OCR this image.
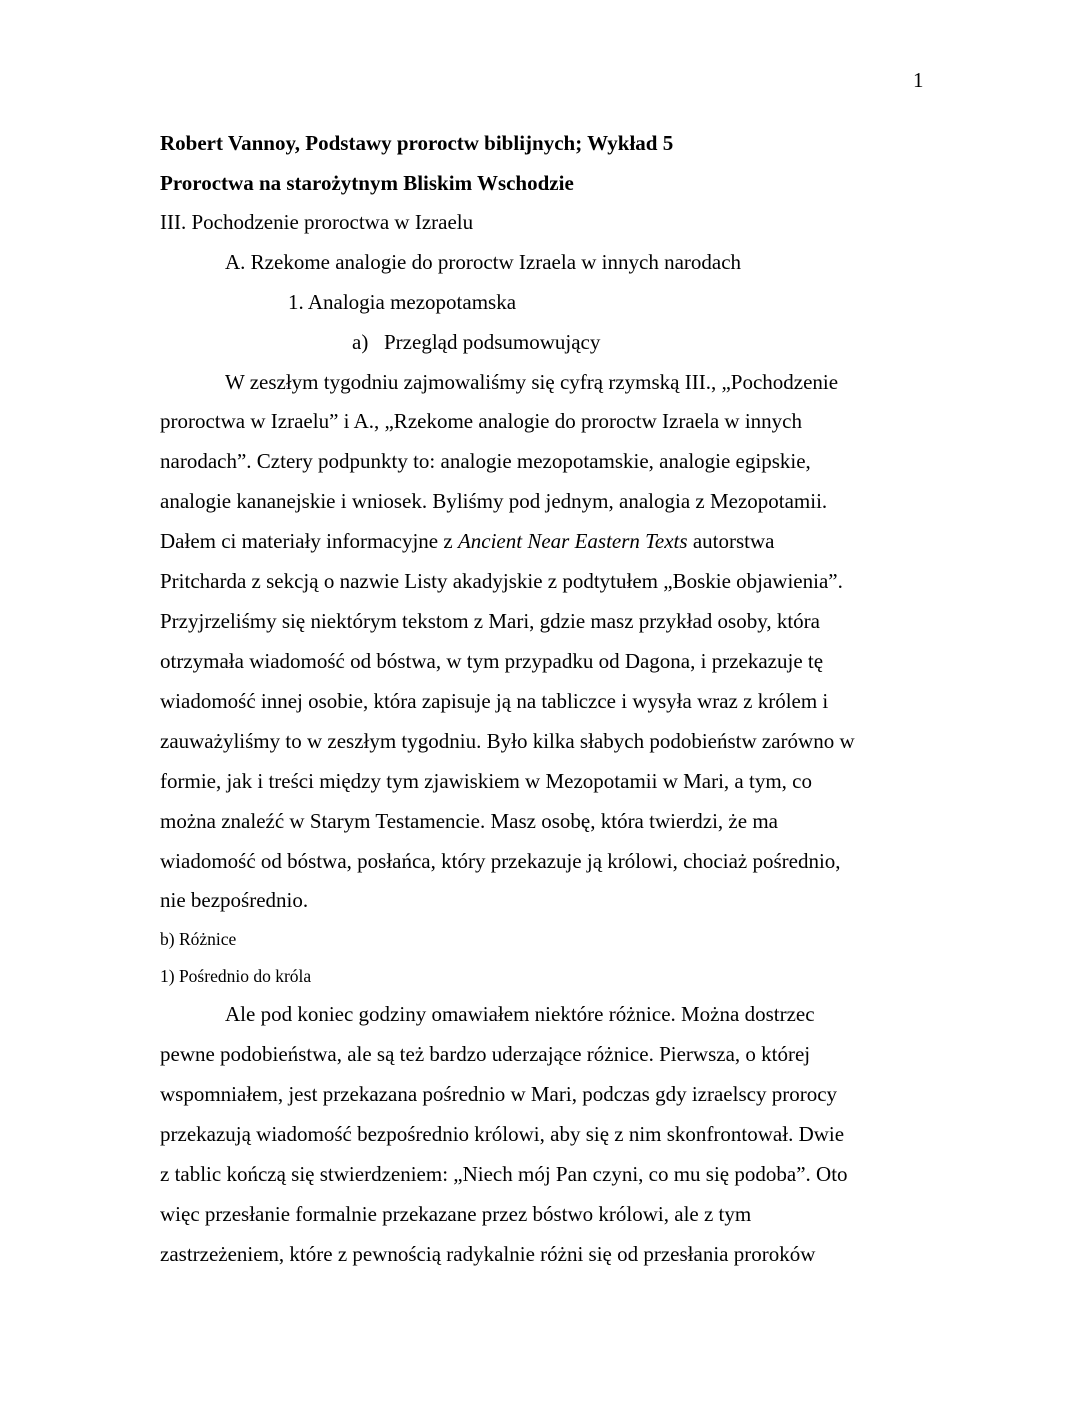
1
Robert Vannoy, Podstawy proroctw biblijnych; Wykład 5
Proroctwa na starożytnym Bliskim Wschodzie
III. Pochodzenie proroctwa w Izraelu
A. Rzekome analogie do proroctw Izraela w innych narodach
1. Analogia mezopotamska
a) Przegląd podsumowujący
W zeszłym tygodniu zajmowaliśmy się cyfrą rzymską III., „Pochodzenie
proroctwa w Izraelu” i A., „Rzekome analogie do proroctw Izraela w innych
narodach”. Cztery podpunkty to: analogie mezopotamskie, analogie egipskie,
analogie kananejskie i wniosek. Byliśmy pod jednym, analogia z Mezopotamii.
Dałem ci materiały informacyjne z Ancient Near Eastern Texts autorstwa
Pritcharda z sekcją o nazwie Listy akadyjskie z podtytułem „Boskie objawienia”.
Przyjrzeliśmy się niektórym tekstom z Mari, gdzie masz przykład osoby, która
otrzymała wiadomość od bóstwa, w tym przypadku od Dagona, i przekazuje tę
wiadomość innej osobie, która zapisuje ją na tabliczce i wysyła wraz z królem i
zauważyliśmy to w zeszłym tygodniu. Było kilka słabych podobieństw zarówno w
formie, jak i treści między tym zjawiskiem w Mezopotamii w Mari, a tym, co
można znaleźć w Starym Testamencie. Masz osobę, która twierdzi, że ma
wiadomość od bóstwa, posłańca, który przekazuje ją królowi, chociaż pośrednio,
nie bezpośrednio.
b) Różnice
1) Pośrednio do króla
Ale pod koniec godziny omawiałem niektóre różnice. Można dostrzec
pewne podobieństwa, ale są też bardzo uderzające różnice. Pierwsza, o której
wspomniałem, jest przekazana pośrednio w Mari, podczas gdy izraelscy prorocy
przekazują wiadomość bezpośrednio królowi, aby się z nim skonfrontował. Dwie
z tablic kończą się stwierdzeniem: „Niech mój Pan czyni, co mu się podoba”. Oto
więc przesłanie formalnie przekazane przez bóstwo królowi, ale z tym
zastrzeżeniem, które z pewnością radykalnie różni się od przesłania proroków
